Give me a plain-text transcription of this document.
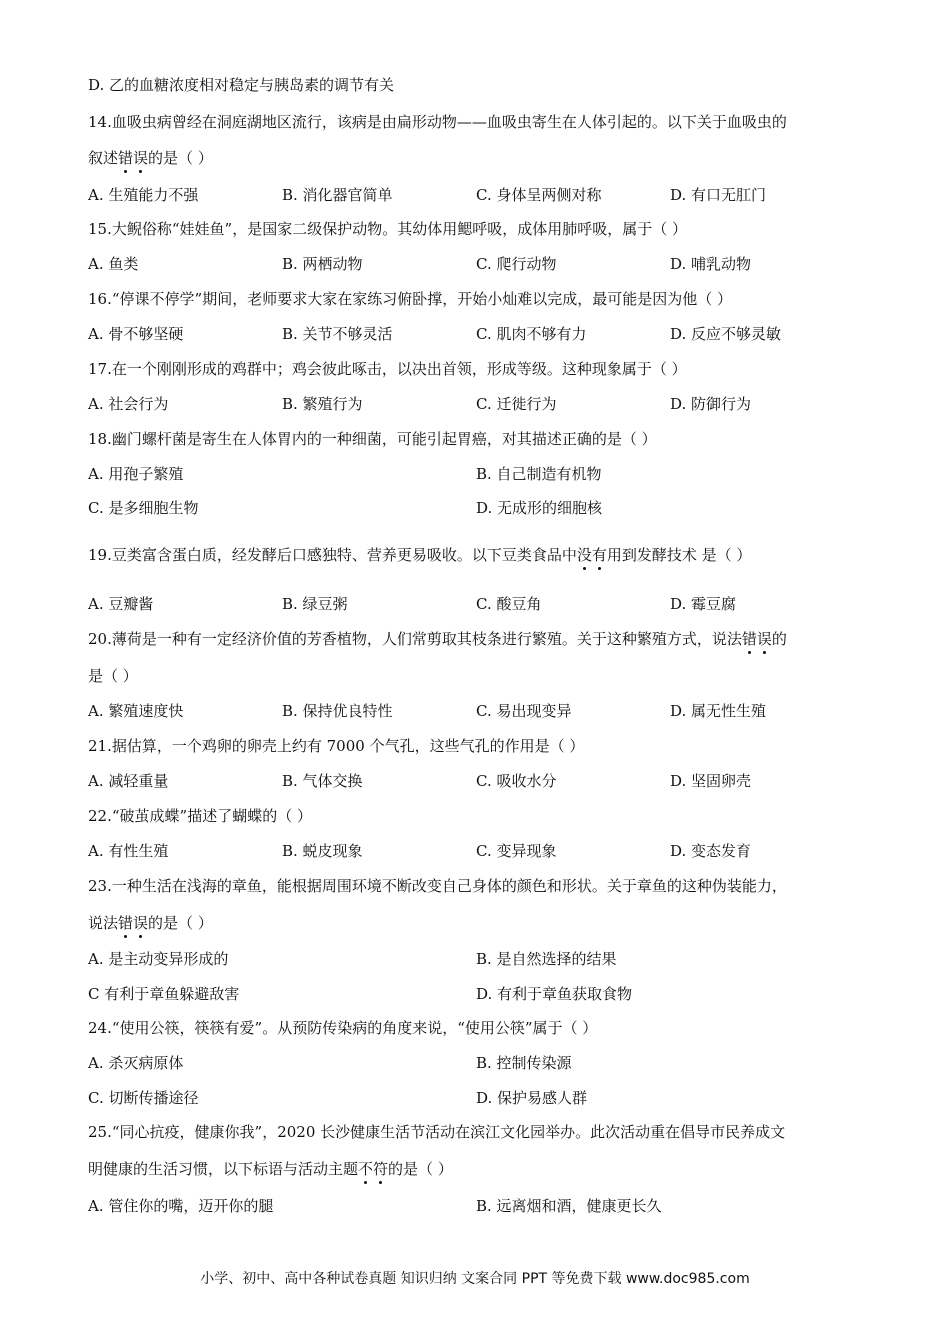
D. 乙的血糖浓度相对稳定与胰岛素的调节有关
14.血吸虫病曾经在洞庭湖地区流行，该病是由扁形动物——血吸虫寄生在人体引起的。以下关于血吸虫的
叙述错误的是（ ）
A. 生殖能力不强	B. 消化器官简单	C. 身体呈两侧对称	D. 有口无肛门
15.大鲵俗称“娃娃鱼”，是国家二级保护动物。其幼体用鳃呼吸，成体用肺呼吸，属于（ ）
A. 鱼类	B. 两栖动物	C. 爬行动物	D. 哺乳动物
16.“停课不停学”期间，老师要求大家在家练习俯卧撑，开始小灿难以完成，最可能是因为他（ ）
A. 骨不够坚硬	B. 关节不够灵活	C. 肌肉不够有力	D. 反应不够灵敏
17.在一个刚刚形成的鸡群中；鸡会彼此啄击，以决出首领，形成等级。这种现象属于（ ）
A. 社会行为	B. 繁殖行为	C. 迁徙行为	D. 防御行为
18.幽门螺杆菌是寄生在人体胃内的一种细菌，可能引起胃癌，对其描述正确的是（ ）
A. 用孢子繁殖	B. 自己制造有机物
C. 是多细胞生物	D. 无成形的细胞核
19.豆类富含蛋白质，经发酵后口感独特、营养更易吸收。以下豆类食品中没有用到发酵技术 是（ ）
A. 豆瓣酱	B. 绿豆粥	C. 酸豆角	D. 霉豆腐
20.薄荷是一种有一定经济价值的芳香植物，人们常剪取其枝条进行繁殖。关于这种繁殖方式，说法错误的
是（ ）
A. 繁殖速度快	B. 保持优良特性	C. 易出现变异	D. 属无性生殖
21.据估算，一个鸡卵的卵壳上约有 7000 个气孔，这些气孔的作用是（ ）
A. 减轻重量	B. 气体交换	C. 吸收水分	D. 坚固卵壳
22.“破茧成蝶”描述了蝴蝶的（ ）
A. 有性生殖	B. 蜕皮现象	C. 变异现象	D. 变态发育
23.一种生活在浅海的章鱼，能根据周围环境不断改变自己身体的颜色和形状。关于章鱼的这种伪装能力，
说法错误的是（ ）
A. 是主动变异形成的	B. 是自然选择的结果
C 有利于章鱼躲避敌害	D. 有利于章鱼获取食物
24.“使用公筷，筷筷有爱”。从预防传染病的角度来说，“使用公筷”属于（ ）
A. 杀灭病原体	B. 控制传染源
C. 切断传播途径	D. 保护易感人群
25.“同心抗疫，健康你我”，2020 长沙健康生活节活动在滨江文化园举办。此次活动重在倡导市民养成文
明健康的生活习惯，以下标语与活动主题不符的是（ ）
A. 管住你的嘴，迈开你的腿	B. 远离烟和酒，健康更长久
小学、初中、高中各种试卷真题 知识归纳 文案合同 PPT 等免费下载 www.doc985.com
